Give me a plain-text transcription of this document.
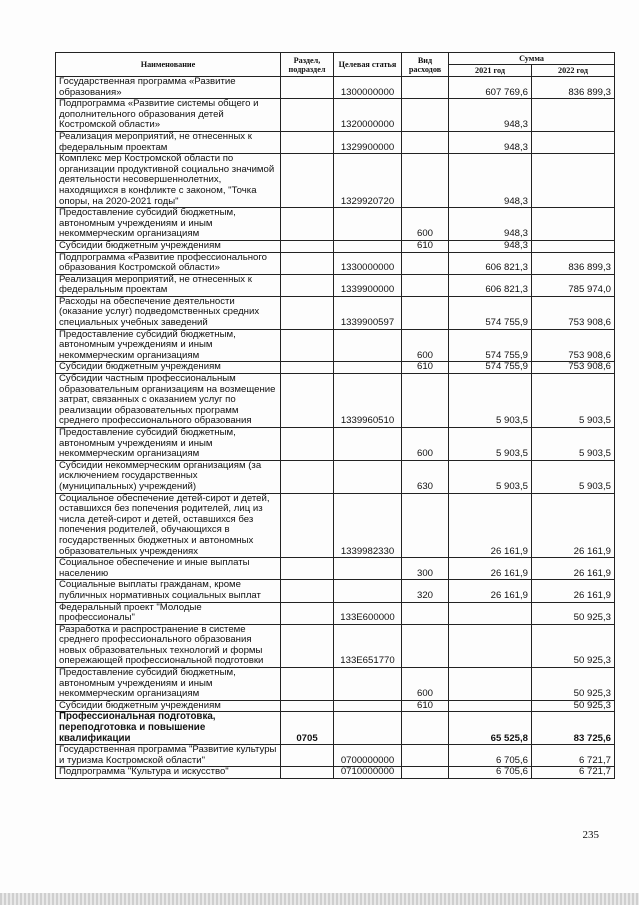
Наименование	Раздел, подраздел	Целевая статья	Вид расходов	Сумма	
				2021 год	2022 год
Государственная программа «Развитие образования»		1300000000		607 769,6	836 899,3
Подпрограмма «Развитие системы общего и дополнительного образования детей Костромской области»		1320000000		948,3	
Реализация мероприятий, не отнесенных к федеральным проектам		1329900000		948,3	
Комплекс мер Костромской области по организации продуктивной социально значимой деятельности несовершеннолетних, находящихся в конфликте с законом, "Точка опоры, на 2020-2021 годы"		1329920720		948,3	
Предоставление субсидий бюджетным, автономным учреждениям и иным некоммерческим организациям			600	948,3	
Субсидии бюджетным учреждениям			610	948,3	
Подпрограмма «Развитие профессионального образования Костромской области»		1330000000		606 821,3	836 899,3
Реализация мероприятий, не отнесенных к федеральным проектам		1339900000		606 821,3	785 974,0
Расходы на обеспечение деятельности (оказание услуг) подведомственных средних специальных учебных заведений		1339900597		574 755,9	753 908,6
Предоставление субсидий бюджетным, автономным учреждениям и иным некоммерческим организациям			600	574 755,9	753 908,6
Субсидии бюджетным учреждениям			610	574 755,9	753 908,6
Субсидии частным профессиональным образовательным организациям на возмещение затрат, связанных с оказанием услуг по реализации образовательных программ среднего профессионального образования		1339960510		5 903,5	5 903,5
Предоставление субсидий бюджетным, автономным учреждениям и иным некоммерческим организациям			600	5 903,5	5 903,5
Субсидии некоммерческим организациям (за исключением государственных (муниципальных) учреждений)			630	5 903,5	5 903,5
Социальное обеспечение детей-сирот и детей, оставшихся без попечения родителей, лиц из числа детей-сирот и детей, оставшихся без попечения родителей, обучающихся в государственных бюджетных и автономных образовательных учреждениях		1339982330		26 161,9	26 161,9
Социальное обеспечение и иные выплаты населению			300	26 161,9	26 161,9
Социальные выплаты гражданам, кроме публичных нормативных социальных выплат			320	26 161,9	26 161,9
Федеральный проект "Молодые профессионалы"		133E600000			50 925,3
Разработка и распространение в системе среднего профессионального образования новых образовательных технологий и формы опережающей профессиональной подготовки		133E651770			50 925,3
Предоставление субсидий бюджетным, автономным учреждениям и иным некоммерческим организациям			600		50 925,3
Субсидии бюджетным учреждениям			610		50 925,3
Профессиональная подготовка, переподготовка и повышение квалификации	0705			65 525,8	83 725,6
Государственная программа "Развитие культуры и туризма Костромской области"		0700000000		6 705,6	6 721,7
Подпрограмма "Культура и искусство"		0710000000		6 705,6	6 721,7
235
